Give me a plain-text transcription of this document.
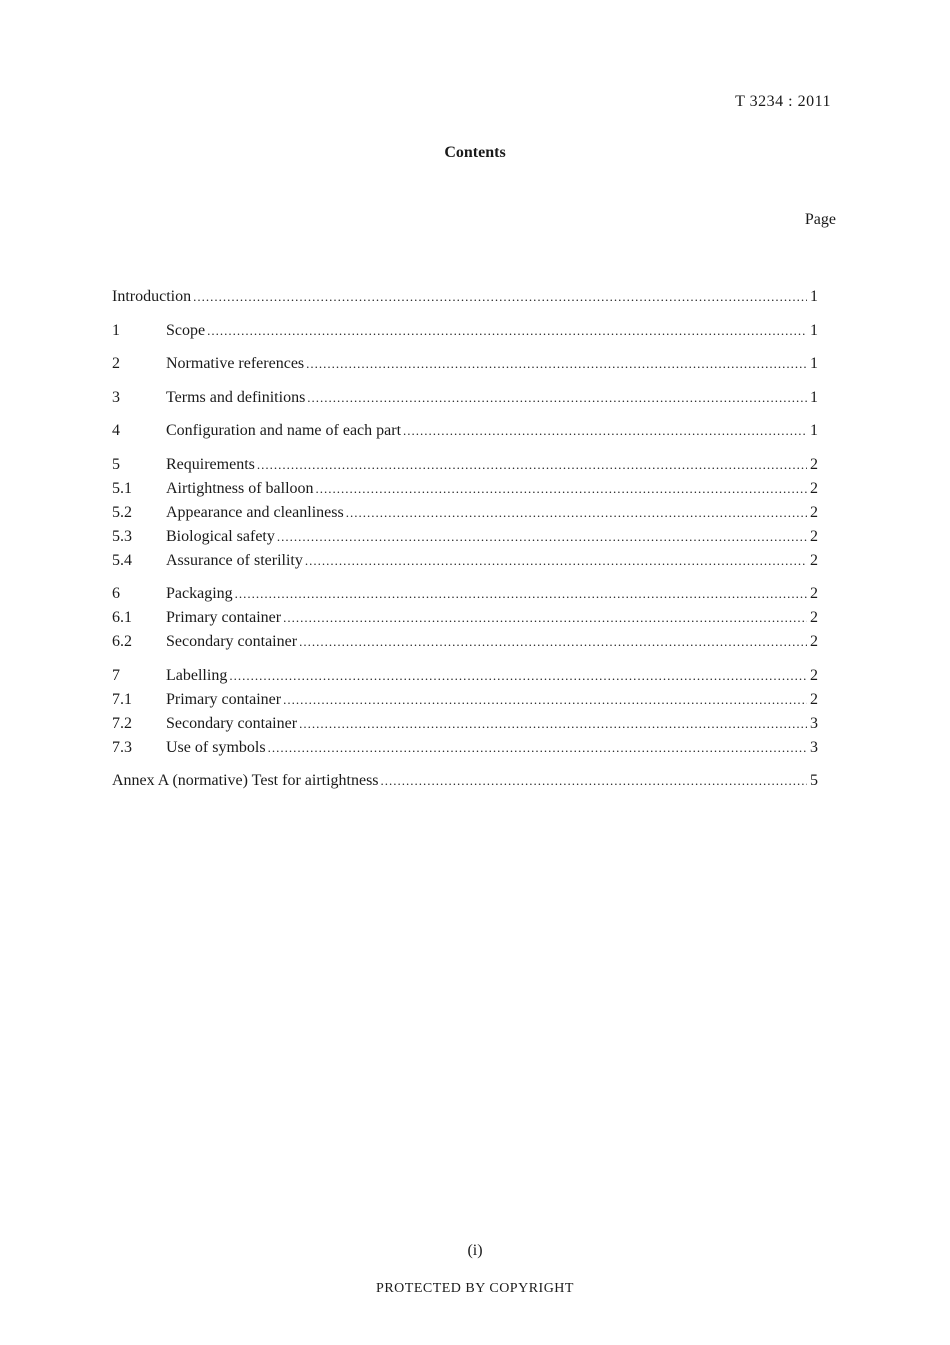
T 3234 : 2011
Contents
Page
Introduction .....	1
1	Scope .....	1
2	Normative references .....	1
3	Terms and definitions .....	1
4	Configuration and name of each part .....	1
5	Requirements .....	2
5.1	Airtightness of balloon .....	2
5.2	Appearance and cleanliness .....	2
5.3	Biological safety .....	2
5.4	Assurance of sterility .....	2
6	Packaging .....	2
6.1	Primary container .....	2
6.2	Secondary container .....	2
7	Labelling .....	2
7.1	Primary container .....	2
7.2	Secondary container .....	3
7.3	Use of symbols .....	3
Annex A (normative) Test for airtightness .....	5
(i)
PROTECTED BY COPYRIGHT
